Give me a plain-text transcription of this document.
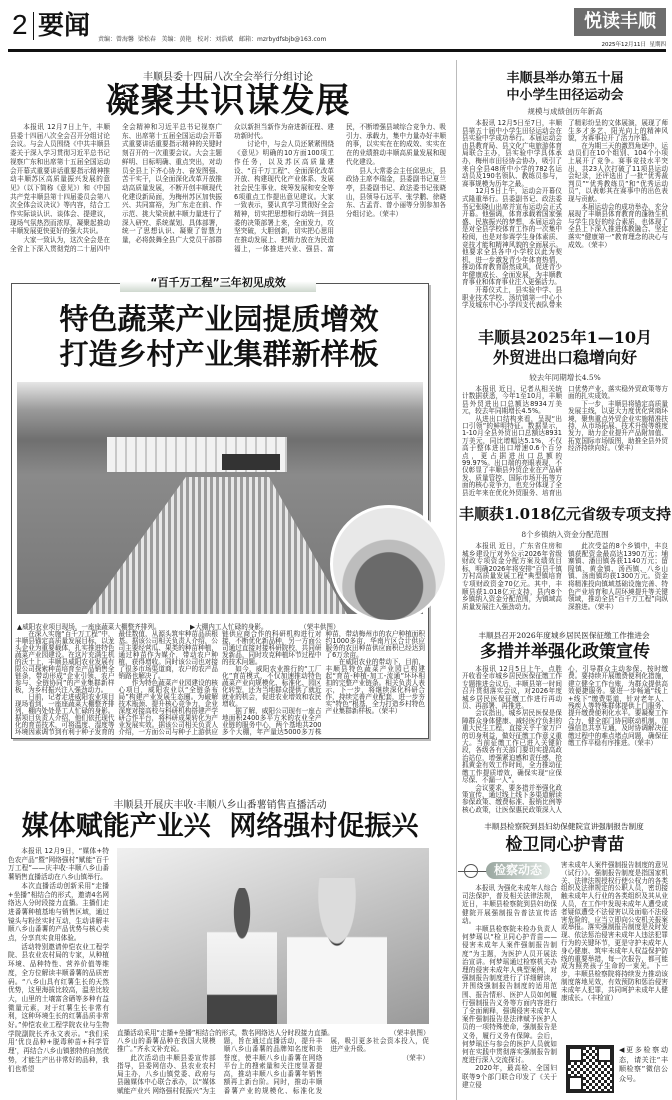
2 要闻 责编：曾海馨  梁松春   美编：黄艳   校对：刘浩斌   邮箱：mzrbydfsbjb@163.com
悦读丰顺
2025年12月11日  星期四
丰顺县委十四届八次全会举行分组讨论
凝聚共识谋发展

本报讯 12月7日上午，丰顺县委十四届八次全会召开分组讨论会议。与会人员围绕《中共丰顺县委关于深入学习贯彻习近平总书记视察广东和出席第十五届全国运动会开幕式重要讲话重要指示精神推动丰顺苏区高质量振兴发展的意见》（以下简称《意见》）和《中国共产党丰顺县第十四届委员会第八次全体会议决议》等内容，结合工作实际谈认识、谈体会、提建议，现场气氛热烈而浓厚，凝聚起推动丰顺发展更快更好的强大共识。

大家一致认为，这次全会是在全省上下深入贯彻党的二十届四中全会精神和习近平总书记视察广东、出席第十五届全国运动会开幕式重要讲话重要指示精神的关键时刻召开的一次重要会议。大会主题鲜明、目标明确、重点突出，对动员全县上下齐心协力、奋发图强、苦干实干，以全面深化改革开放推动高质量发展，不断开创丰顺现代化建设新局面，为梅州苏区加快振兴、共同富裕，为广东走在前、作示范、挑大梁贡献丰顺力量进行了深入研究、系统谋划、具体部署，统一了思想认识、凝聚了智慧力量，必将鼓舞全县广大党员干部群众以新担当新作为奋进新征程、建功新时代。

讨论中，与会人员还紧紧围绕《意见》明确的10方面100项工作任务，以及苏区高质量建设、“百千万工程”、全面深化改革开放、构建现代化产业体系、发展社会民生事业、统筹发展和安全等6项重点工作提出意见建议。大家一致表示，要认真学习贯彻好全会精神，切实把思想和行动统一到县委的决策部署上来，全面发力，攻坚突破，大胆创新，切实把心思用在推动发展上、把精力放在为民造福上，一体推进兴业、强县、富民，不断增强县域综合竞争力、吸引力、承载力，集中力量办好丰顺的事，以实实在在的成效、实实在在的业绩推动丰顺高质量发展和现代化建设。

县人大常委会主任邱思庆，县政协主席李瑞金，县委副书记夏兰亭，县委副书记、政法委书记张晓山，县领导石远平、张学鹏、徐晓东、古孟青、曾小丽等分别参加各分组讨论。（荣丰）

“百千万工程”三年初见成效
特色蔬菜产业园提质增效
打造乡村产业集群新样板
▲威阳农业项目现场，一座座蔬菜大棚整齐排列。	▶大棚内工人忙碌的身影。	（荣丰供图）

在深入实施“百千万工程”中，丰顺县锚定高质量发展目标，以龙头企业为重要载体，扎实推进特色蔬菜产业园建设。在这片充满生机的沃土上，丰顺县威阳农业发展有限公司探索种苗培育至产品销售全链条，带动形成“企业引领、农户参与、全链协同”的产业集群新样板，为乡村振兴注入强劲动力。

日前，记者走进威阳农业项目现场看到，一座座蔬菜大棚整齐排列，棚内处处是工人忙碌的身影。据项目负责人介绍，他们依托现代化的育苗技术，可将温度、湿度等环境因素调节到有利于种子发育的最佳数值，从源头筑牢种苗品质根基。据该公司相关负责人介绍，公司主要经营瓜、果类的种苗种植，通过种苗作为媒介，带动农户种植，获得增收。同时该公司也对接了很多市场渠道商，农户的农产品销路也解决了。

作为特色蔬菜产业园建设的核心项目，威阳农业以“全链条布局”构建产业发展生态圈。为破解技术瓶颈、提升核心竞争力，企业深度对接高校与科研机构搭建产学研合作平台，将科研成果转化为产业发展实效。据该公司相关负责人介绍，一方面公司与种子上游供应链供应商合作的科研机构进行对接，不断优化新品种，另一方面公司通过直接对接科研院校，共同研发新品，同时攻克种植环节过程中的技术问题。

如今，威阳农业推行的“工厂化”育苗模式，不仅加速推动特色蔬菜产业向规模化、标准化、园区化转型，还为当地群众提供了就近就业的机会，促进农业增效和农民增收。

据了解，威阳公司现有一座占地面积2400多平方米的农业全产业链的服务中心，两个基地共200多个大棚，年产量达5000多万株种苗，带动梅州市的农户种植面积约1000多亩，华南片区合计供应服务的农田种苗供应面积已经达到了6万余亩。

在威阳农业的带动下，目前，丰顺县特色蔬菜产业园已构建起“育苗-种植-加工-流通”环环相扣的完整产业链条。相关负责人表示，下一步，将继续深化科研合作，持续完善产业配套，进一步夯实“特色”根基，全力打造乡村特色产业集群新样板。（荣丰）

丰顺县开展庆丰收·丰顺八乡山番薯销售直播活动
媒体赋能产业兴  网络强村促振兴

本报讯 12月9日，“媒体+特色农产品”暨“网络强村”赋能“百千万工程”——庆丰收·丰顺八乡山番薯销售直播活动在八乡山镇举行。

本次直播活动创新采用“走播+坐播”相结合的形式，邀请4名网络达人分时段接力直播。主播们走进番薯种植基地与销售区域，通过镜头与粉丝实时互动，生动讲解丰顺八乡山番薯的产品优势与核心卖点，分享真实食用体验。

活动特别邀请仲恺农业工程学院、县农业农村局的专家，从种植环境、品种特性、营养价值等维度，全方位解读丰顺番薯的品质密码。“八乡山具有红薯生长的天然优势，这里海拔比较高，温差比较大，山里的土壤富含硒等多种有益微量元素，对于红薯生长非常有利，这种环境生长的红薯品质非常好。”仲恺农业工程学院农业与生物学院副院长齐永文表示。“我们采用‘优良品种+脱毒种苗+科学管理’，再结合八乡山镇独特的自然优势，才能生产出非常好的品种，我们也希望

直播活动采用“走播+坐播”相结合的形式，数名网络达人分时段接力直播。	（荣丰供图）

八乡山的番薯品种在我国大规模推广。”齐永文补充说。

此次活动由丰顺县委宣传部指导，县委网信办、县农业农村局主办，八乡山镇党委、政府与县融媒体中心联合承办，以“媒体赋能产业兴 网络强村促振兴”为主题，旨在通过直播活动，提升丰顺八乡山番薯的品牌知名度和美誉度，使丰顺八乡山番薯在网络平台上的搜索量和关注度显著提高，推动丰顺八乡山番薯年销售额再上新台阶。同时，推动丰顺番薯产业的规模化、标准化发展，吸引更多社会资本投入，促进产业升级。

（荣丰）

丰顺县举办第五十届
中小学生田径运动会
规模与成绩创历年新高

本报讯 12月5日至7日，丰顺县第五十届中小学生田径运动会在县实验中学成功举行。本届运动会由县教育局、县文化广电旅游体育局联合主办，县实验中学具体承办，梅州市田径协会协办，吸引了来自全县48所中小学的782名运动员及190名领队、教练员参与，赛事规模为历年之最。

12月5日上午，运动会开幕仪式隆重举行。县委副书记、政法委书记张晓山出席并宣布运动会正式开幕。他强调，体育承载着国家强盛、民族振兴的梦想，本届运动会是对全县学校体育工作的一次集中检阅，也是对参赛学生身体素质、竞技才能和精神风貌的全面展示。他要求全县各中小学校以此为契机，进一步激发青少年体育热情，推动体育教育蔚然成风，促进青少年健康成长、全面发展，为丰顺教育事业和体育事业注入更强活力。

开幕仪式上，县实验中学、县职业技术学校、汤坑镇第一中心小学及城东中心小学四支代表队带来了精彩纷呈的文体展演，展现了师生多才多艺、阳光向上的精神风貌，为赛事拉开了活力序幕。

在为期三天的激烈角逐中，运动员们在10个组别、104个小项上展开了竞争。赛事竞技水平突出，共23人次打破了11项县运动会纪录，还评选出了一批“优秀裁判员”“优秀教练员”和“优秀运动员”，以表彰其在赛事中的出色表现与贡献。

本届运动会的成功举办，充分展现了丰顺县体育教育的蓬勃生机与学生良好的综合素质，也体现了全县上下深入推进体教融合、坚定落实“健康第一”教育理念的决心与成效。（荣丰）

丰顺县2025年1—10月
外贸进出口稳增向好
较去年同期增长4.5%

本报讯 近日，记者从相关统计数据获悉，今年1至10月，丰顺县外贸进出口总额达8934万美元，较去年同期增长4.5%。

从进出口结构来看，呈现“出口引领”的鲜明特征。数据显示，1-10月全县外贸出口总额达8931万美元，同比增幅达5.1%，不仅高于整体进出口增速0.6个百分点，更占据进出口总额的99.97%。出口端的亮眼表现，不仅彰显了丰顺县外贸企业在产品研发、质量管控、国际市场开拓等方面的核心竞争力，也充分体现了全县近年来在优化外贸服务、培育出口优势产业、落实稳外贸政策等方面的扎实成效。

下一步，丰顺县将锚定高质量发展主线，以更大力度优化营商环境，聚焦重点外贸企业实施精准扶持，从市场拓展、技术升级等维度发力，助力企业提升产品附加值、拓宽国际市场版图，助推全县外贸经济持续向好。（荣丰）

丰顺获1.018亿元省级专项支持
8个乡镇纳入资金分配范围

本报讯 近日，广东省住房和城乡建设厅对外公示2026年省级财政专项资金分配方案及绩效目标，明确2026年将安排“百县千镇万村高质量发展工程”典型镇培育专项财政资金70亿元。其中，丰顺县获1.018亿元支持，县内8个乡镇纳入资金分配范围，为镇域高质量发展注入强劲动力。

此次受益的8个乡镇中，丰良镇获配资金最高达1390万元；埔寨镇、潘田镇各获1140万元；留隍镇、黄金镇、汤西镇、八乡山镇、汤南镇均获1300万元。资金将精准投向镇域基础设施完善、特色产业培育和人居环境提升等关键领域，推动全县“百千万工程”向纵深推进。（荣丰）

丰顺县召开2026年度城乡居民医保征缴工作推进会
多措并举强化政策宣传

本报讯 12月5日上午，点胜开收看全市城乡居民医保征缴工作专题推进会议后，丰顺县第一时间召开贯彻落实会议，对2026年度城乡居民医保征缴工作进行再动员、再部署、再推进。

会议指出，城乡居民医保是保障群众身体健康、减轻医疗负担的重大民生工程，直接关乎千家万户的切身利益，做好征缴工作意义重大。当前征缴工作已进入关键阶段，各级各有关部门要切实提高政治站位，增强紧迫感和责任感，抢抓黄金有效工作时间，全力推动征缴工作提质增效，确保实现“应保尽保、不漏一人”。

会议要求，要多措并举强化政策宣传，通过线上线下多渠道解读参保政策、缴费标准、报销比例等核心政策，让医保惠民政策深入人心，引导群众主动参保、按时缴费。要持续开展缴费便利化措施，建立健全工作台账，为群众提供高效便捷服务。要进一步畅通“线上+线下”缴费渠道，针对老年人、残疾人等特殊群体提供上门服务，提升缴费便利化水平。要凝聚工作合力，健全部门协同联动机制，加强信息共享互通，及时协调解决征缴过程中的难点堵点问题，确保征缴工作平稳有序推进。（荣丰）

丰顺县检察院到县妇幼保健院宣讲强制报告制度
检卫同心护青苗
检察动态

本报讯 为强化未成年人综合司法保护，普及相关法律法规，近日，丰顺县检察院到县妇幼保健院开展强制报告普法宣传活动。

丰顺县检察院未检办负责人何梦瑶以“检卫同心护青苗——侵害未成年人案件强制报告制度”为主题，为医护人员开展法治宣讲。何梦瑶通过检察机关办理的侵害未成年人典型案例，对强制报告制度进行了详细解读，并围绕强制报告制度的适用范围、报告情形、医护人员如何履行强制报告义务等方面内容进行了全面阐释，强调侵害未成年人案件强制报告是法律赋予医护人员的一项特殊使命，强制报告是义务，履行义务有保障。会后，何梦瑶还与参会的医护人员就如何在实践中贯彻落实强制报告制度进行深入交流探讨。

2020年，最高检、全国妇联等9个部门联合印发了《关于建立侵

害未成年人案件强制报告制度的意见（试行）》。强制报告制度是指国家机关、法律法规授权行使公权力的各类组织及法律规定的公职人员，密切接触未成年人行业的各类组织及其从业人员，在工作中发现未成年人遭受或者疑似遭受不法侵害以及面临不法侵害危险的，应当立即向公安机关报案或举报。落实强制报告制度是及时发现、依法惩治侵害未成年人违法犯罪行为的关键环节，更是守护未成年人身心健康、筑牢未成年人权益保护防线的重要举措，每一次报告，都可能成为照亮孩子生命的一束光。下一步，丰顺县检察院将持续发力推动该制度落地见效，有效预防和惩治侵害未成年人犯罪，共同呵护未成年人健康成长。（丰检宣）

◀更多检察动态，请关注“丰顺检察”微信公众号。
